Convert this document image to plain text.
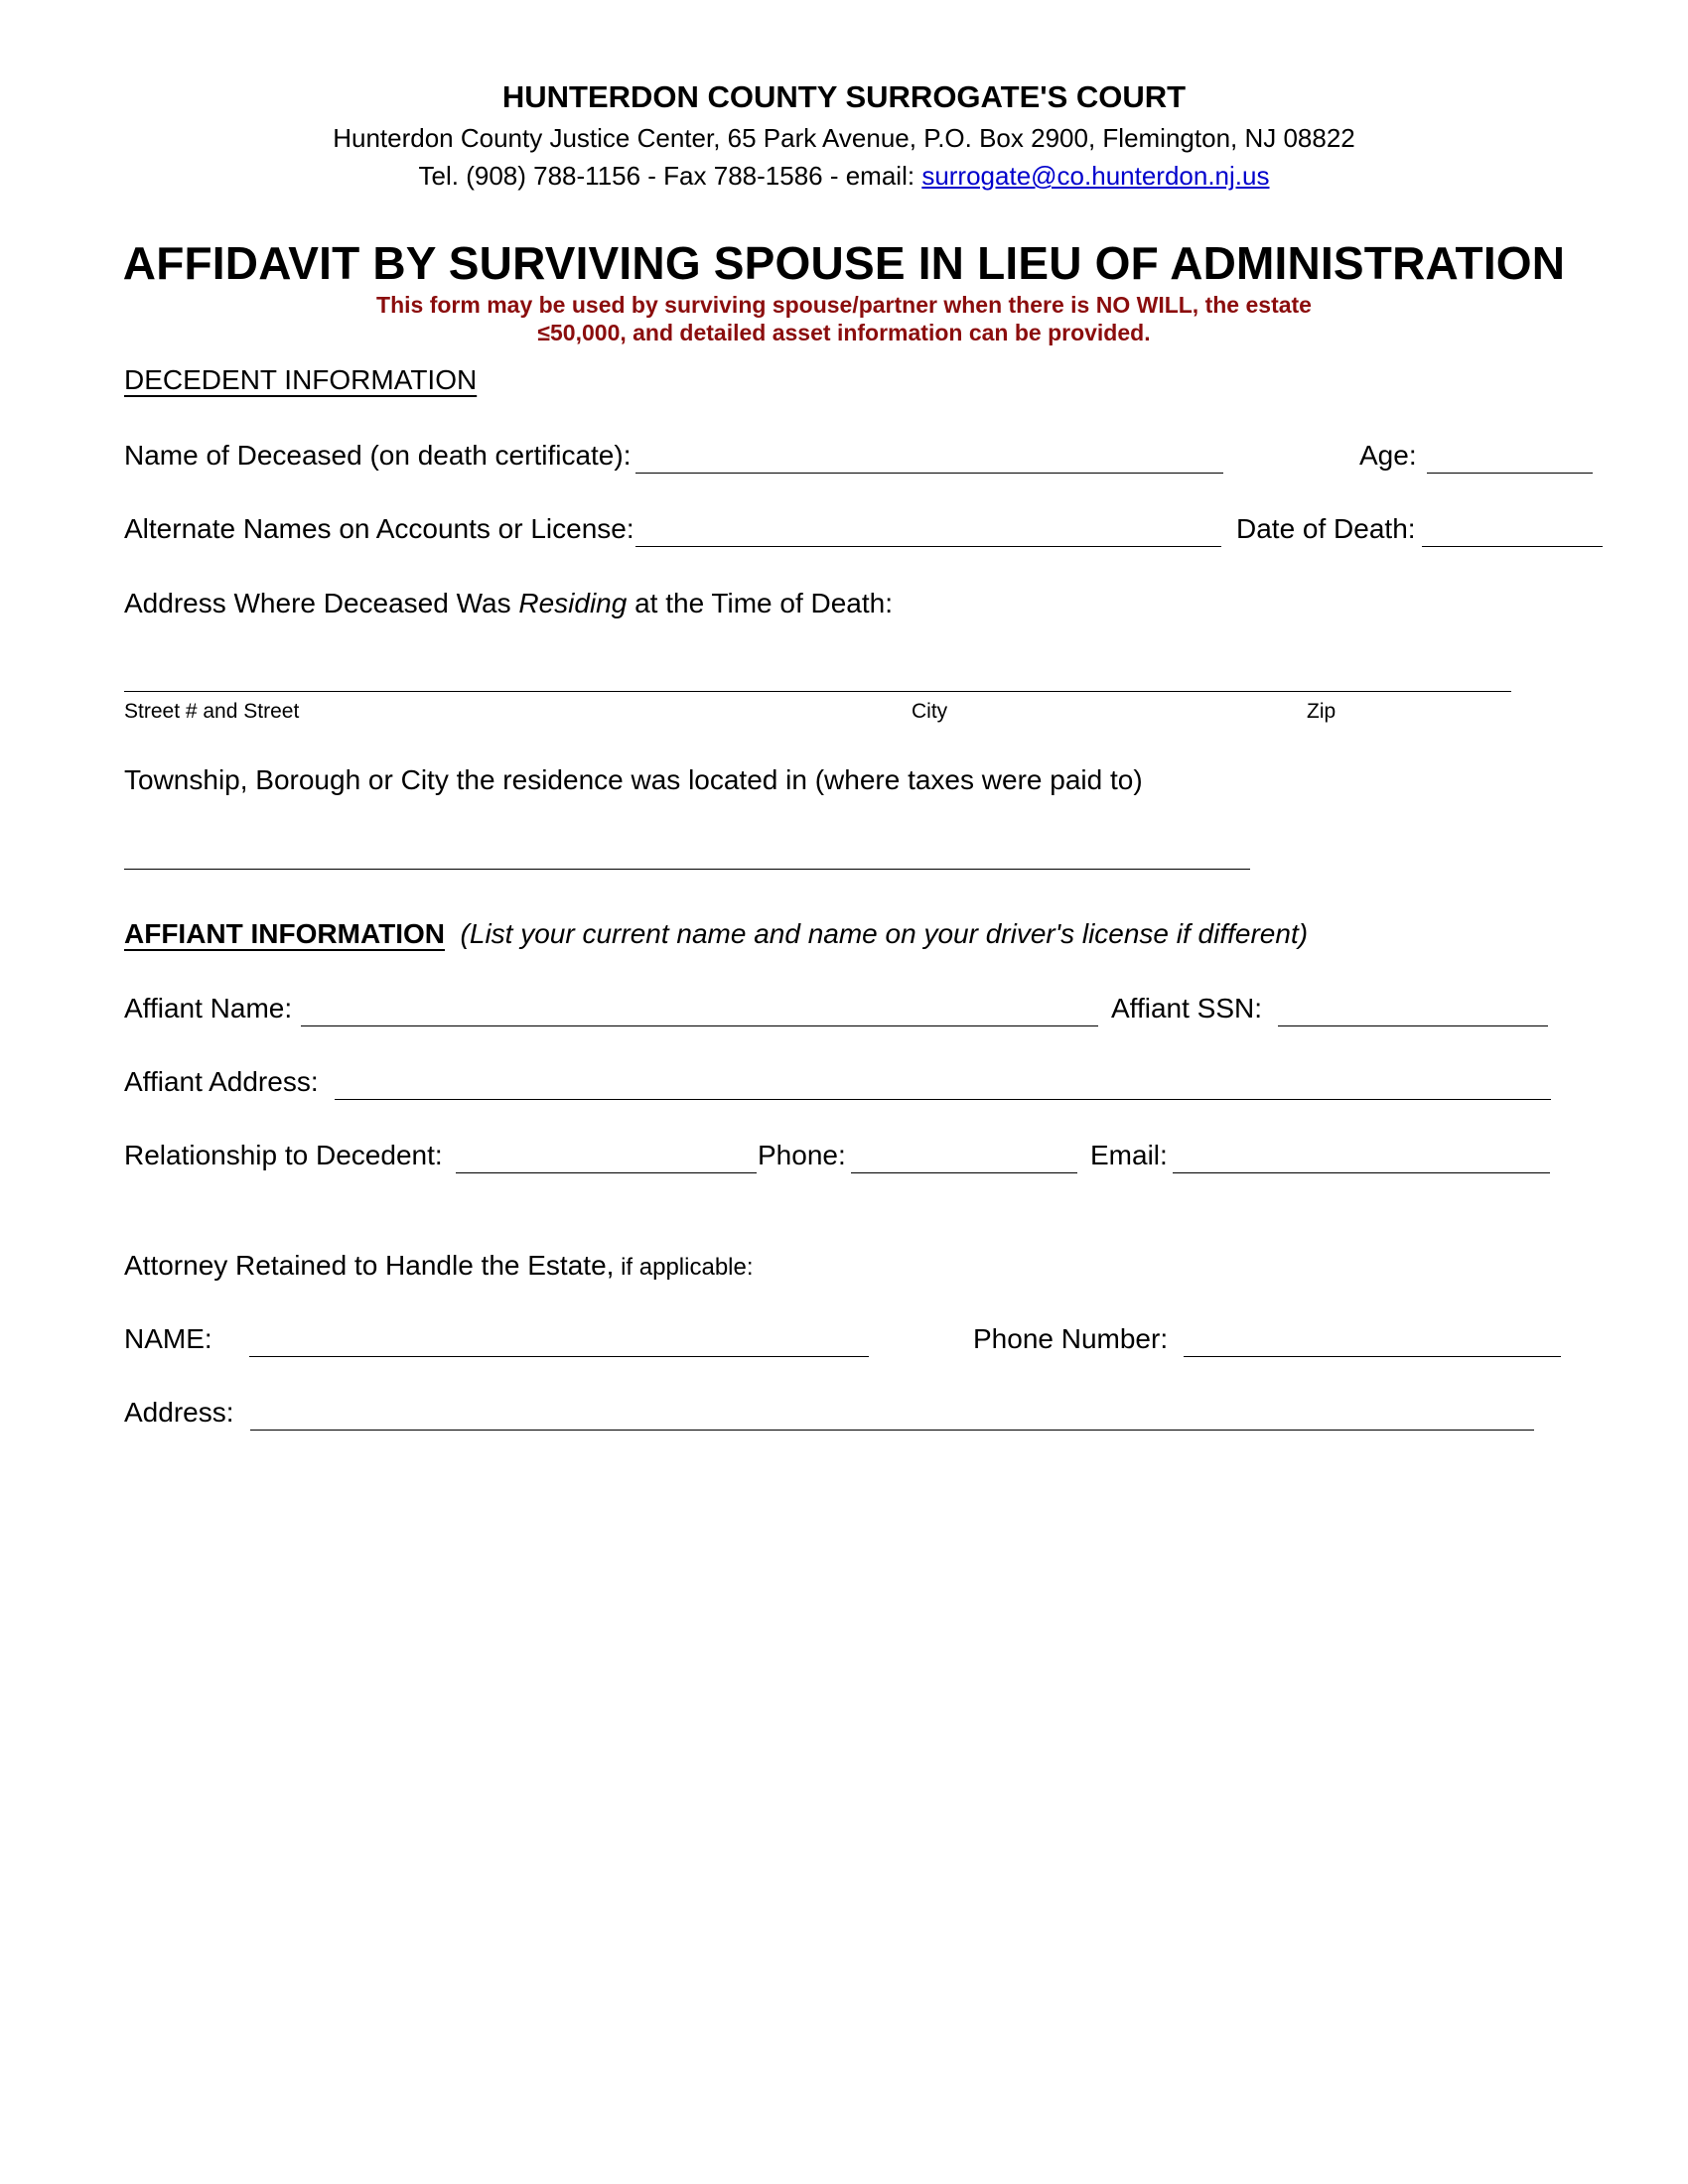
HUNTERDON COUNTY SURROGATE'S COURT
Hunterdon County Justice Center, 65 Park Avenue, P.O. Box 2900, Flemington, NJ 08822
Tel. (908) 788-1156 - Fax 788-1586 - email: surrogate@co.hunterdon.nj.us
AFFIDAVIT BY SURVIVING SPOUSE IN LIEU OF ADMINISTRATION
This form may be used by surviving spouse/partner when there is NO WILL, the estate
≤50,000, and detailed asset information can be provided.
DECEDENT INFORMATION
Name of Deceased (on death certificate):	Age:
Alternate Names on Accounts or License:	Date of Death:
Address Where Deceased Was Residing at the Time of Death:
Street # and Street	City	Zip
Township, Borough or City the residence was located in (where taxes were paid to)
AFFIANT INFORMATION (List your current name and name on your driver's license if different)
Affiant Name:	Affiant SSN:
Affiant Address:
Relationship to Decedent:	Phone:	Email:
Attorney Retained to Handle the Estate, if applicable:
NAME:	Phone Number:
Address:
